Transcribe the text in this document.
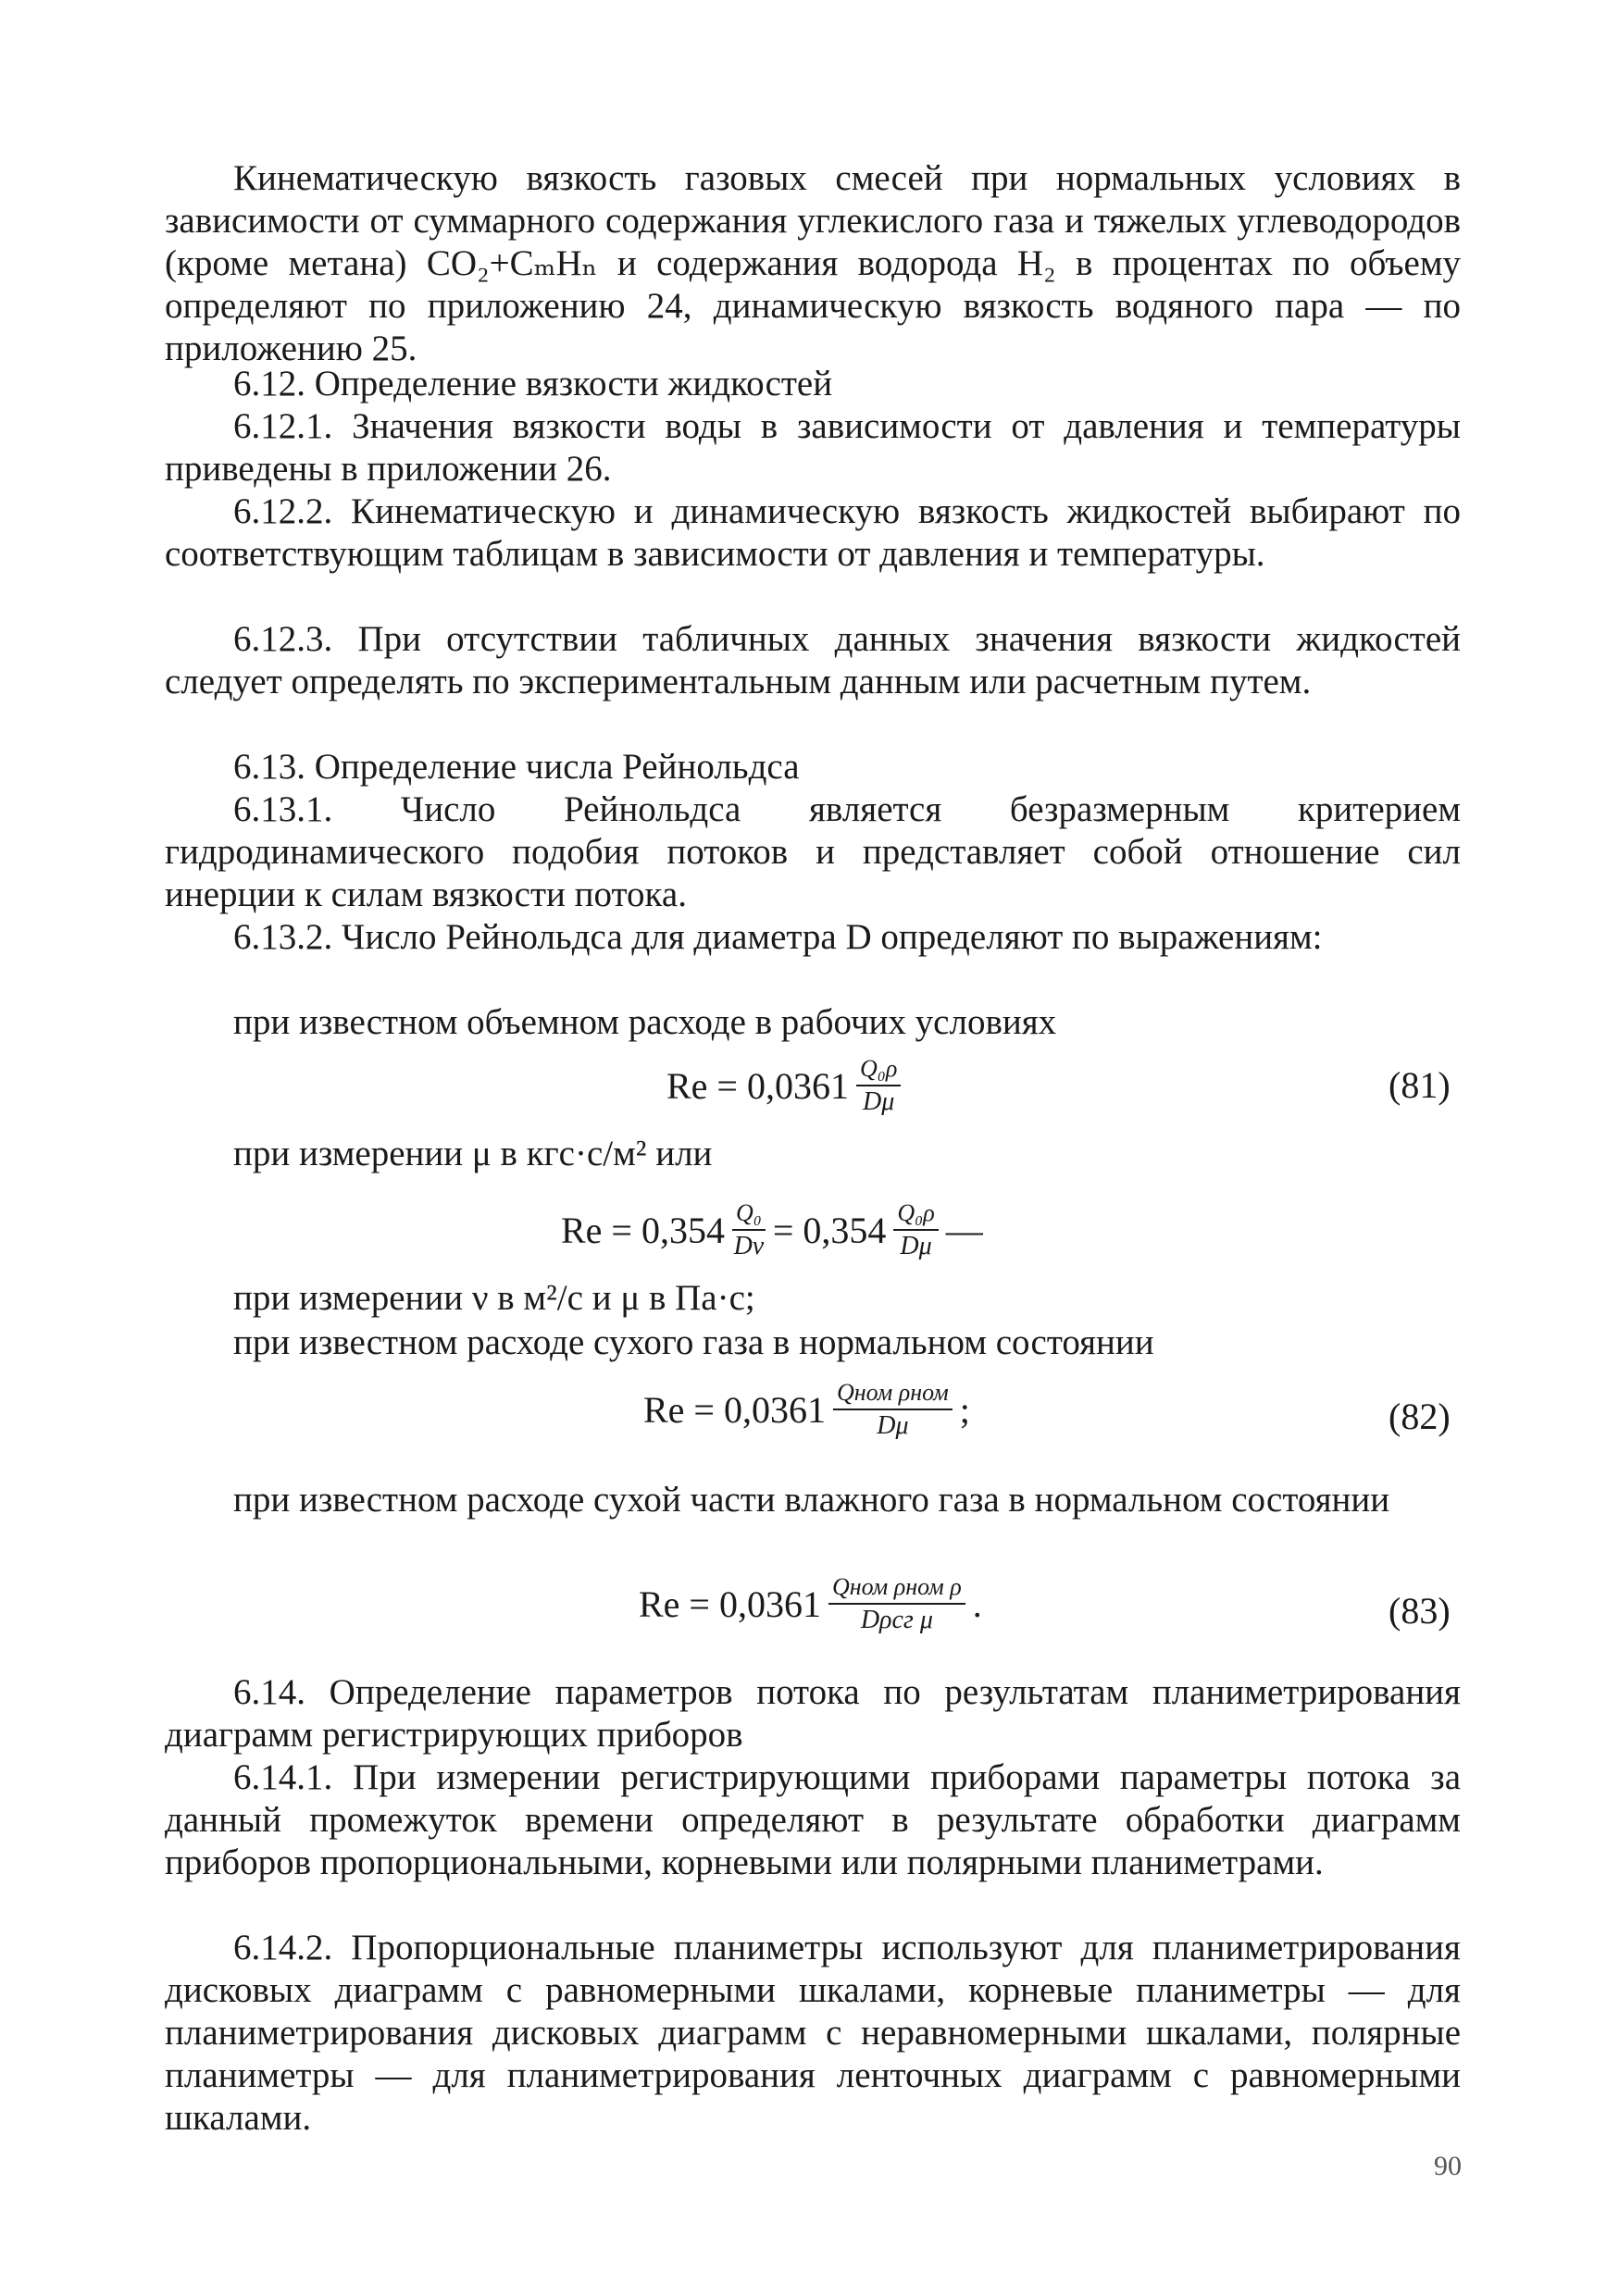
Кинематическую вязкость газовых смесей при нормальных условиях в зависимости от суммарного содержания углекислого газа и тяжелых углеводородов (кроме метана) CO₂+CₘHₙ и содержания водорода H₂ в процентах по объему определяют по приложению 24, динамическую вязкость водяного пара — по приложению 25.
6.12. Определение вязкости жидкостей
6.12.1. Значения вязкости воды в зависимости от давления и температуры приведены в приложении 26.
6.12.2. Кинематическую и динамическую вязкость жидкостей выбирают по соответствующим таблицам в зависимости от давления и температуры.
6.12.3. При отсутствии табличных данных значения вязкости жидкостей следует определять по экспериментальным данным или расчетным путем.
6.13. Определение числа Рейнольдса
6.13.1. Число Рейнольдса является безразмерным критерием гидродинамического подобия потоков и представляет собой отношение сил инерции к силам вязкости потока.
6.13.2. Число Рейнольдса для диаметра D определяют по выражениям:
при известном объемном расходе в рабочих условиях
$Re = 0,0361 \frac{\text{Q₀ρ}}{D\mu}$	(81)
при измерении μ в кгс·с/м² или
$Re = 0,354 \frac{\text{Q₀}}{D\nu} = 0,354 \frac{\text{Q₀ρ}}{D\mu}$ —
при измерении ν в м²/с и μ в Па·с;
при известном расходе сухого газа в нормальном состоянии
$Re = 0,0361 \frac{\text{Qном ρном}}{D\mu}$ ;	(82)
при известном расходе сухой части влажного газа в нормальном состоянии
$Re = 0,0361 \frac{\text{Qном ρном ρ}}{\text{Dρсг μ}}$ .	(83)
6.14. Определение параметров потока по результатам планиметрирования диаграмм регистрирующих приборов
6.14.1. При измерении регистрирующими приборами параметры потока за данный промежуток времени определяют в результате обработки диаграмм приборов пропорциональными, корневыми или полярными планиметрами.
6.14.2. Пропорциональные планиметры используют для планиметрирования дисковых диаграмм с равномерными шкалами, корневые планиметры — для планиметрирования дисковых диаграмм с неравномерными шкалами, полярные планиметры — для планиметрирования ленточных диаграмм с равномерными шкалами.
90
